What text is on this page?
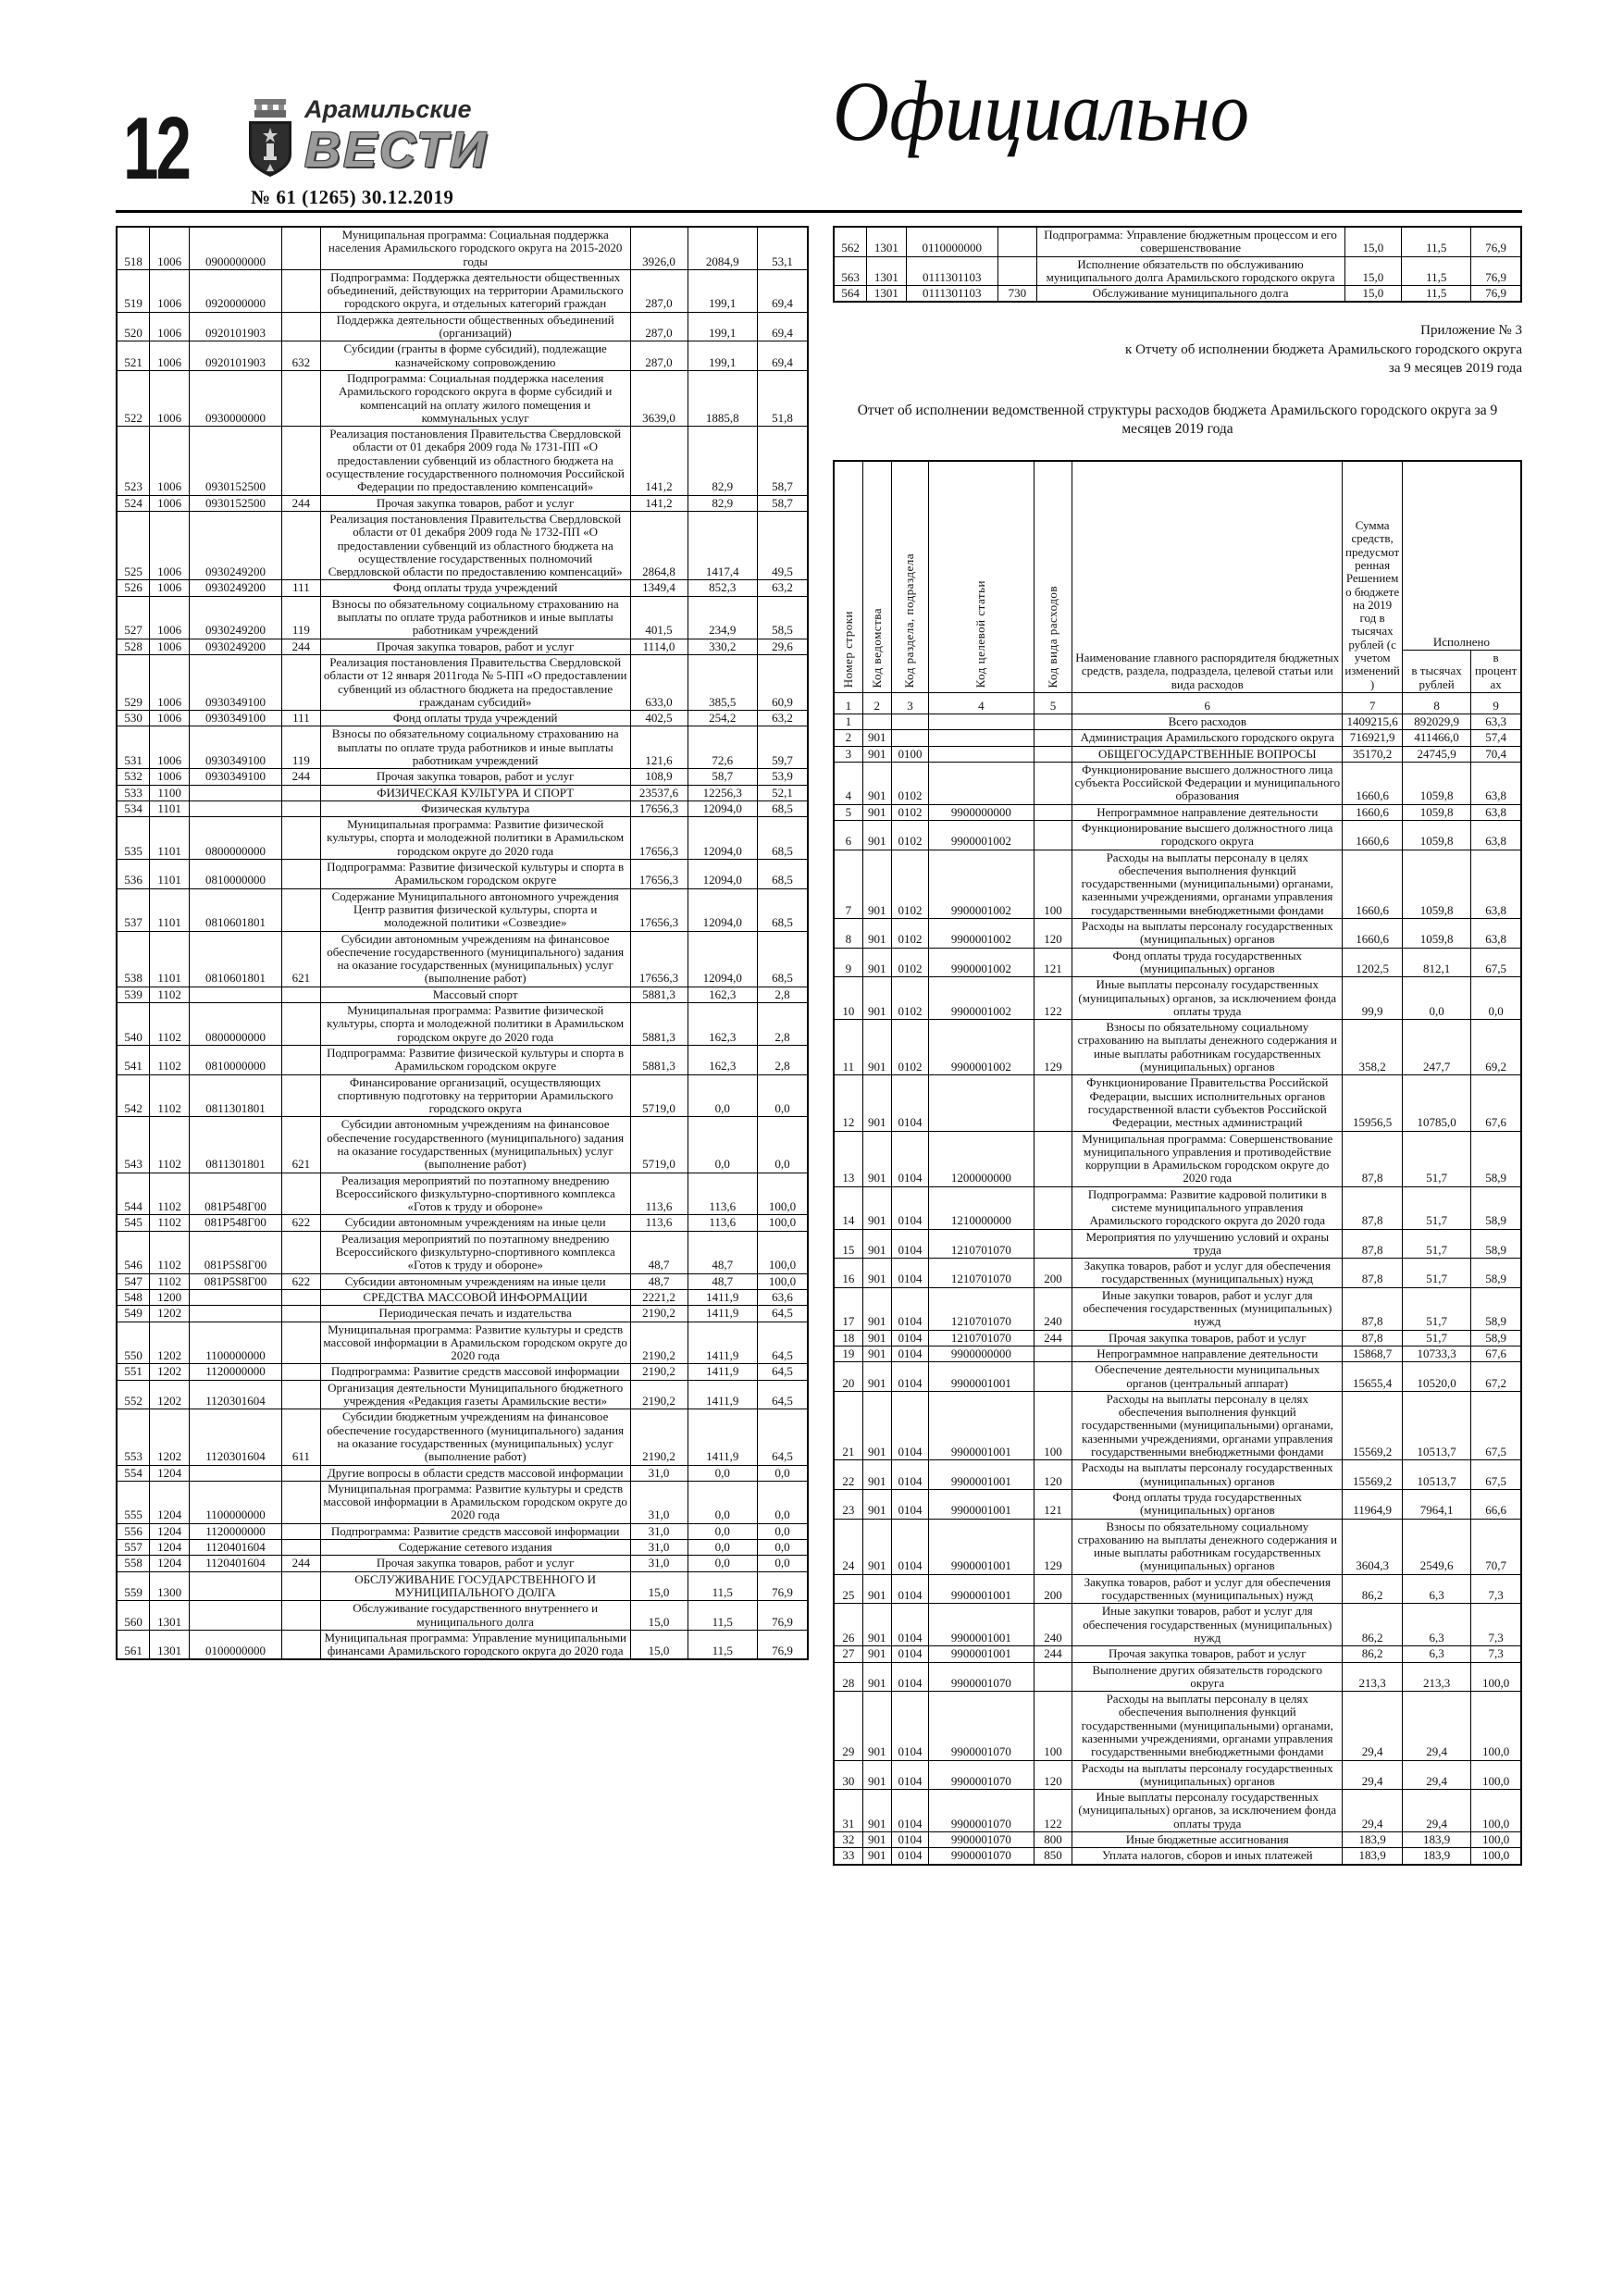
12	Арамильские
ВЕСТИ
№ 61 (1265) 30.12.2019
Официально
518	1006	0900000000		Муниципальная программа: Социальная поддержка населения Арамильского городского округа на 2015-2020 годы	3926,0	2084,9	53,1
519	1006	0920000000		Подпрограмма: Поддержка деятельности общественных объединений, действующих на территории Арамильского городского округа, и отдельных категорий граждан	287,0	199,1	69,4
520	1006	0920101903		Поддержка деятельности общественных объединений (организаций)	287,0	199,1	69,4
521	1006	0920101903	632	Субсидии (гранты в форме субсидий), подлежащие казначейскому сопровождению	287,0	199,1	69,4
522	1006	0930000000		Подпрограмма: Социальная поддержка населения Арамильского городского округа в форме субсидий и компенсаций на оплату жилого помещения и коммунальных услуг	3639,0	1885,8	51,8
523	1006	0930152500		Реализация постановления Правительства Свердловской области от 01 декабря 2009 года № 1731-ПП «О предоставлении субвенций из областного бюджета на осуществление государственного полномочия Российской Федерации по предоставлению компенсаций»	141,2	82,9	58,7
524	1006	0930152500	244	Прочая закупка товаров, работ и услуг	141,2	82,9	58,7
525	1006	0930249200		Реализация постановления Правительства Свердловской области от 01 декабря 2009 года № 1732-ПП «О предоставлении субвенций из областного бюджета на осуществление государственных полномочий Свердловской области по предоставлению компенсаций»	2864,8	1417,4	49,5
526	1006	0930249200	111	Фонд оплаты труда учреждений	1349,4	852,3	63,2
527	1006	0930249200	119	Взносы по обязательному социальному страхованию на выплаты по оплате труда работников и иные выплаты работникам учреждений	401,5	234,9	58,5
528	1006	0930249200	244	Прочая закупка товаров, работ и услуг	1114,0	330,2	29,6
529	1006	0930349100		Реализация постановления Правительства Свердловской области от 12 января 2011года № 5-ПП «О предоставлении субвенций из областного бюджета на предоставление гражданам субсидий»	633,0	385,5	60,9
530	1006	0930349100	111	Фонд оплаты труда учреждений	402,5	254,2	63,2
531	1006	0930349100	119	Взносы по обязательному социальному страхованию на выплаты по оплате труда работников и иные выплаты работникам учреждений	121,6	72,6	59,7
532	1006	0930349100	244	Прочая закупка товаров, работ и услуг	108,9	58,7	53,9
533	1100			ФИЗИЧЕСКАЯ КУЛЬТУРА И СПОРТ	23537,6	12256,3	52,1
534	1101			Физическая культура	17656,3	12094,0	68,5
535	1101	0800000000		Муниципальная программа: Развитие физической культуры, спорта и молодежной политики в Арамильском городском округе до 2020 года	17656,3	12094,0	68,5
536	1101	0810000000		Подпрограмма: Развитие физической культуры и спорта в Арамильском городском округе	17656,3	12094,0	68,5
537	1101	0810601801		Содержание Муниципального автономного учреждения Центр развития физической культуры, спорта и молодежной политики «Созвездие»	17656,3	12094,0	68,5
538	1101	0810601801	621	Субсидии автономным учреждениям на финансовое обеспечение государственного (муниципального) задания на оказание государственных (муниципальных) услуг (выполнение работ)	17656,3	12094,0	68,5
539	1102			Массовый спорт	5881,3	162,3	2,8
540	1102	0800000000		Муниципальная программа: Развитие физической культуры, спорта и молодежной политики в Арамильском городском округе до 2020 года	5881,3	162,3	2,8
541	1102	0810000000		Подпрограмма: Развитие физической культуры и спорта в Арамильском городском округе	5881,3	162,3	2,8
542	1102	0811301801		Финансирование организаций, осуществляющих спортивную подготовку на территории Арамильского городского округа	5719,0	0,0	0,0
543	1102	0811301801	621	Субсидии автономным учреждениям на финансовое обеспечение государственного (муниципального) задания на оказание государственных (муниципальных) услуг (выполнение работ)	5719,0	0,0	0,0
544	1102	081P548Г00		Реализация мероприятий по поэтапному внедрению Всероссийского физкультурно-спортивного комплекса «Готов к труду и обороне»	113,6	113,6	100,0
545	1102	081P548Г00	622	Субсидии автономным учреждениям на иные цели	113,6	113,6	100,0
546	1102	081P5S8Г00		Реализация мероприятий по поэтапному внедрению Всероссийского физкультурно-спортивного комплекса «Готов к труду и обороне»	48,7	48,7	100,0
547	1102	081P5S8Г00	622	Субсидии автономным учреждениям на иные цели	48,7	48,7	100,0
548	1200			СРЕДСТВА МАССОВОЙ ИНФОРМАЦИИ	2221,2	1411,9	63,6
549	1202			Периодическая печать и издательства	2190,2	1411,9	64,5
550	1202	1100000000		Муниципальная программа: Развитие культуры и средств массовой информации в Арамильском городском округе до 2020 года	2190,2	1411,9	64,5
551	1202	1120000000		Подпрограмма: Развитие средств массовой информации	2190,2	1411,9	64,5
552	1202	1120301604		Организация деятельности Муниципального бюджетного учреждения «Редакция газеты Арамильские вести»	2190,2	1411,9	64,5
553	1202	1120301604	611	Субсидии бюджетным учреждениям на финансовое обеспечение государственного (муниципального) задания на оказание государственных (муниципальных) услуг (выполнение работ)	2190,2	1411,9	64,5
554	1204			Другие вопросы в области средств массовой информации	31,0	0,0	0,0
555	1204	1100000000		Муниципальная программа: Развитие культуры и средств массовой информации в Арамильском городском округе до 2020 года	31,0	0,0	0,0
556	1204	1120000000		Подпрограмма: Развитие средств массовой информации	31,0	0,0	0,0
557	1204	1120401604		Содержание сетевого издания	31,0	0,0	0,0
558	1204	1120401604	244	Прочая закупка товаров, работ и услуг	31,0	0,0	0,0
559	1300			ОБСЛУЖИВАНИЕ ГОСУДАРСТВЕННОГО И МУНИЦИПАЛЬНОГО ДОЛГА	15,0	11,5	76,9
560	1301			Обслуживание государственного внутреннего и муниципального долга	15,0	11,5	76,9
561	1301	0100000000		Муниципальная программа: Управление муниципальными финансами Арамильского городского округа до 2020 года	15,0	11,5	76,9
562	1301	0110000000		Подпрограмма: Управление бюджетным процессом и его совершенствование	15,0	11,5	76,9
563	1301	0111301103		Исполнение обязательств по обслуживанию муниципального долга Арамильского городского округа	15,0	11,5	76,9
564	1301	0111301103	730	Обслуживание муниципального долга	15,0	11,5	76,9
Приложение № 3
к Отчету об исполнении бюджета Арамильского городского округа
за 9 месяцев 2019 года
Отчет об исполнении ведомственной структуры расходов бюджета Арамильского городского округа за 9 месяцев 2019 года
Номер строки	Код ведомства	Код раздела, подраздела	Код целевой статьи	Код вида расходов	Наименование главного распорядителя бюджетных средств, раздела, подраздела, целевой статьи или вида расходов	Сумма средств, предусмотренная Решением о бюджете на 2019 год в тысячах рублей (с учетом изменений)	Исполнено	
							в тысячах рублей	в процентах
1	2	3	4	5	6	7	8	9
1					Всего расходов	1409215,6	892029,9	63,3
2	901				Администрация Арамильского городского округа	716921,9	411466,0	57,4
3	901	0100			ОБЩЕГОСУДАРСТВЕННЫЕ ВОПРОСЫ	35170,2	24745,9	70,4
4	901	0102			Функционирование высшего должностного лица субъекта Российской Федерации и муниципального образования	1660,6	1059,8	63,8
5	901	0102	9900000000		Непрограммное направление деятельности	1660,6	1059,8	63,8
6	901	0102	9900001002		Функционирование высшего должностного лица городского округа	1660,6	1059,8	63,8
7	901	0102	9900001002	100	Расходы на выплаты персоналу в целях обеспечения выполнения функций государственными (муниципальными) органами, казенными учреждениями, органами управления государственными внебюджетными фондами	1660,6	1059,8	63,8
8	901	0102	9900001002	120	Расходы на выплаты персоналу государственных (муниципальных) органов	1660,6	1059,8	63,8
9	901	0102	9900001002	121	Фонд оплаты труда государственных (муниципальных) органов	1202,5	812,1	67,5
10	901	0102	9900001002	122	Иные выплаты персоналу государственных (муниципальных) органов, за исключением фонда оплаты труда	99,9	0,0	0,0
11	901	0102	9900001002	129	Взносы по обязательному социальному страхованию на выплаты денежного содержания и иные выплаты работникам государственных (муниципальных) органов	358,2	247,7	69,2
12	901	0104			Функционирование Правительства Российской Федерации, высших исполнительных органов государственной власти субъектов Российской Федерации, местных администраций	15956,5	10785,0	67,6
13	901	0104	1200000000		Муниципальная программа: Совершенствование муниципального управления и противодействие коррупции в Арамильском городском округе до 2020 года	87,8	51,7	58,9
14	901	0104	1210000000		Подпрограмма: Развитие кадровой политики в системе муниципального управления Арамильского городского округа до 2020 года	87,8	51,7	58,9
15	901	0104	1210701070		Мероприятия по улучшению условий и охраны труда	87,8	51,7	58,9
16	901	0104	1210701070	200	Закупка товаров, работ и услуг для обеспечения государственных (муниципальных) нужд	87,8	51,7	58,9
17	901	0104	1210701070	240	Иные закупки товаров, работ и услуг для обеспечения государственных (муниципальных) нужд	87,8	51,7	58,9
18	901	0104	1210701070	244	Прочая закупка товаров, работ и услуг	87,8	51,7	58,9
19	901	0104	9900000000		Непрограммное направление деятельности	15868,7	10733,3	67,6
20	901	0104	9900001001		Обеспечение деятельности муниципальных органов (центральный аппарат)	15655,4	10520,0	67,2
21	901	0104	9900001001	100	Расходы на выплаты персоналу в целях обеспечения выполнения функций государственными (муниципальными) органами, казенными учреждениями, органами управления государственными внебюджетными фондами	15569,2	10513,7	67,5
22	901	0104	9900001001	120	Расходы на выплаты персоналу государственных (муниципальных) органов	15569,2	10513,7	67,5
23	901	0104	9900001001	121	Фонд оплаты труда государственных (муниципальных) органов	11964,9	7964,1	66,6
24	901	0104	9900001001	129	Взносы по обязательному социальному страхованию на выплаты денежного содержания и иные выплаты работникам государственных (муниципальных) органов	3604,3	2549,6	70,7
25	901	0104	9900001001	200	Закупка товаров, работ и услуг для обеспечения государственных (муниципальных) нужд	86,2	6,3	7,3
26	901	0104	9900001001	240	Иные закупки товаров, работ и услуг для обеспечения государственных (муниципальных) нужд	86,2	6,3	7,3
27	901	0104	9900001001	244	Прочая закупка товаров, работ и услуг	86,2	6,3	7,3
28	901	0104	9900001070		Выполнение других обязательств городского округа	213,3	213,3	100,0
29	901	0104	9900001070	100	Расходы на выплаты персоналу в целях обеспечения выполнения функций государственными (муниципальными) органами, казенными учреждениями, органами управления государственными внебюджетными фондами	29,4	29,4	100,0
30	901	0104	9900001070	120	Расходы на выплаты персоналу государственных (муниципальных) органов	29,4	29,4	100,0
31	901	0104	9900001070	122	Иные выплаты персоналу государственных (муниципальных) органов, за исключением фонда оплаты труда	29,4	29,4	100,0
32	901	0104	9900001070	800	Иные бюджетные ассигнования	183,9	183,9	100,0
33	901	0104	9900001070	850	Уплата налогов, сборов и иных платежей	183,9	183,9	100,0
